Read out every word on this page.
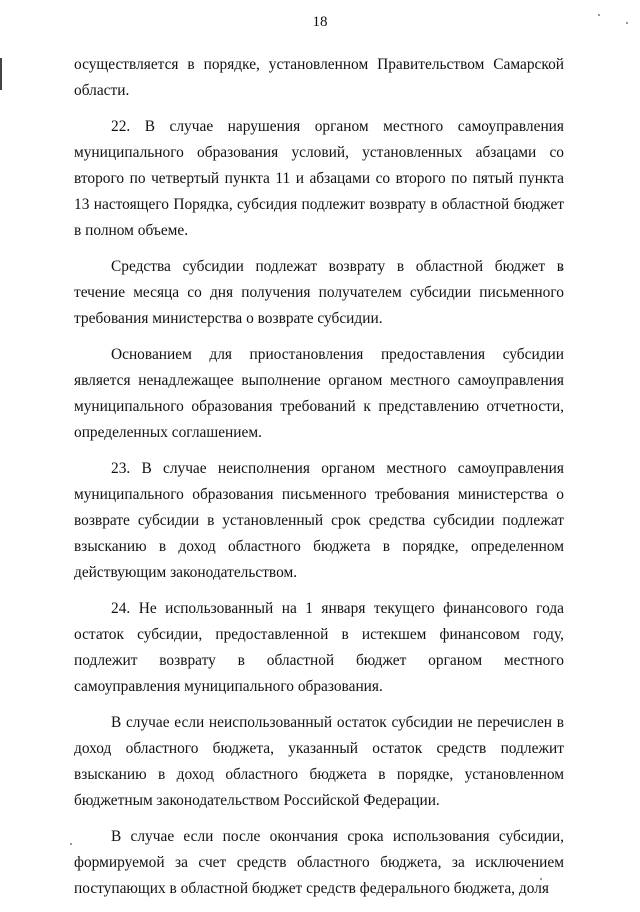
18

осуществляется в порядке, установленном Правительством Самарской области.

22. В случае нарушения органом местного самоуправления муниципального образования условий, установленных абзацами со второго по четвертый пункта 11 и абзацами со второго по пятый пункта 13 настоящего Порядка, субсидия подлежит возврату в областной бюджет в полном объеме.

Средства субсидии подлежат возврату в областной бюджет в течение месяца со дня получения получателем субсидии письменного требования министерства о возврате субсидии.

Основанием для приостановления предоставления субсидии является ненадлежащее выполнение органом местного самоуправления муниципального образования требований к представлению отчетности, определенных соглашением.

23. В случае неисполнения органом местного самоуправления муниципального образования письменного требования министерства о возврате субсидии в установленный срок средства субсидии подлежат взысканию в доход областного бюджета в порядке, определенном действующим законодательством.

24. Не использованный на 1 января текущего финансового года остаток субсидии, предоставленной в истекшем финансовом году, подлежит возврату в областной бюджет органом местного самоуправления муниципального образования.

В случае если неиспользованный остаток субсидии не перечислен в доход областного бюджета, указанный остаток средств подлежит взысканию в доход областного бюджета в порядке, установленном бюджетным законодательством Российской Федерации.

В случае если после окончания срока использования субсидии, формируемой за счет средств областного бюджета, за исключением поступающих в областной бюджет средств федерального бюджета, доля
